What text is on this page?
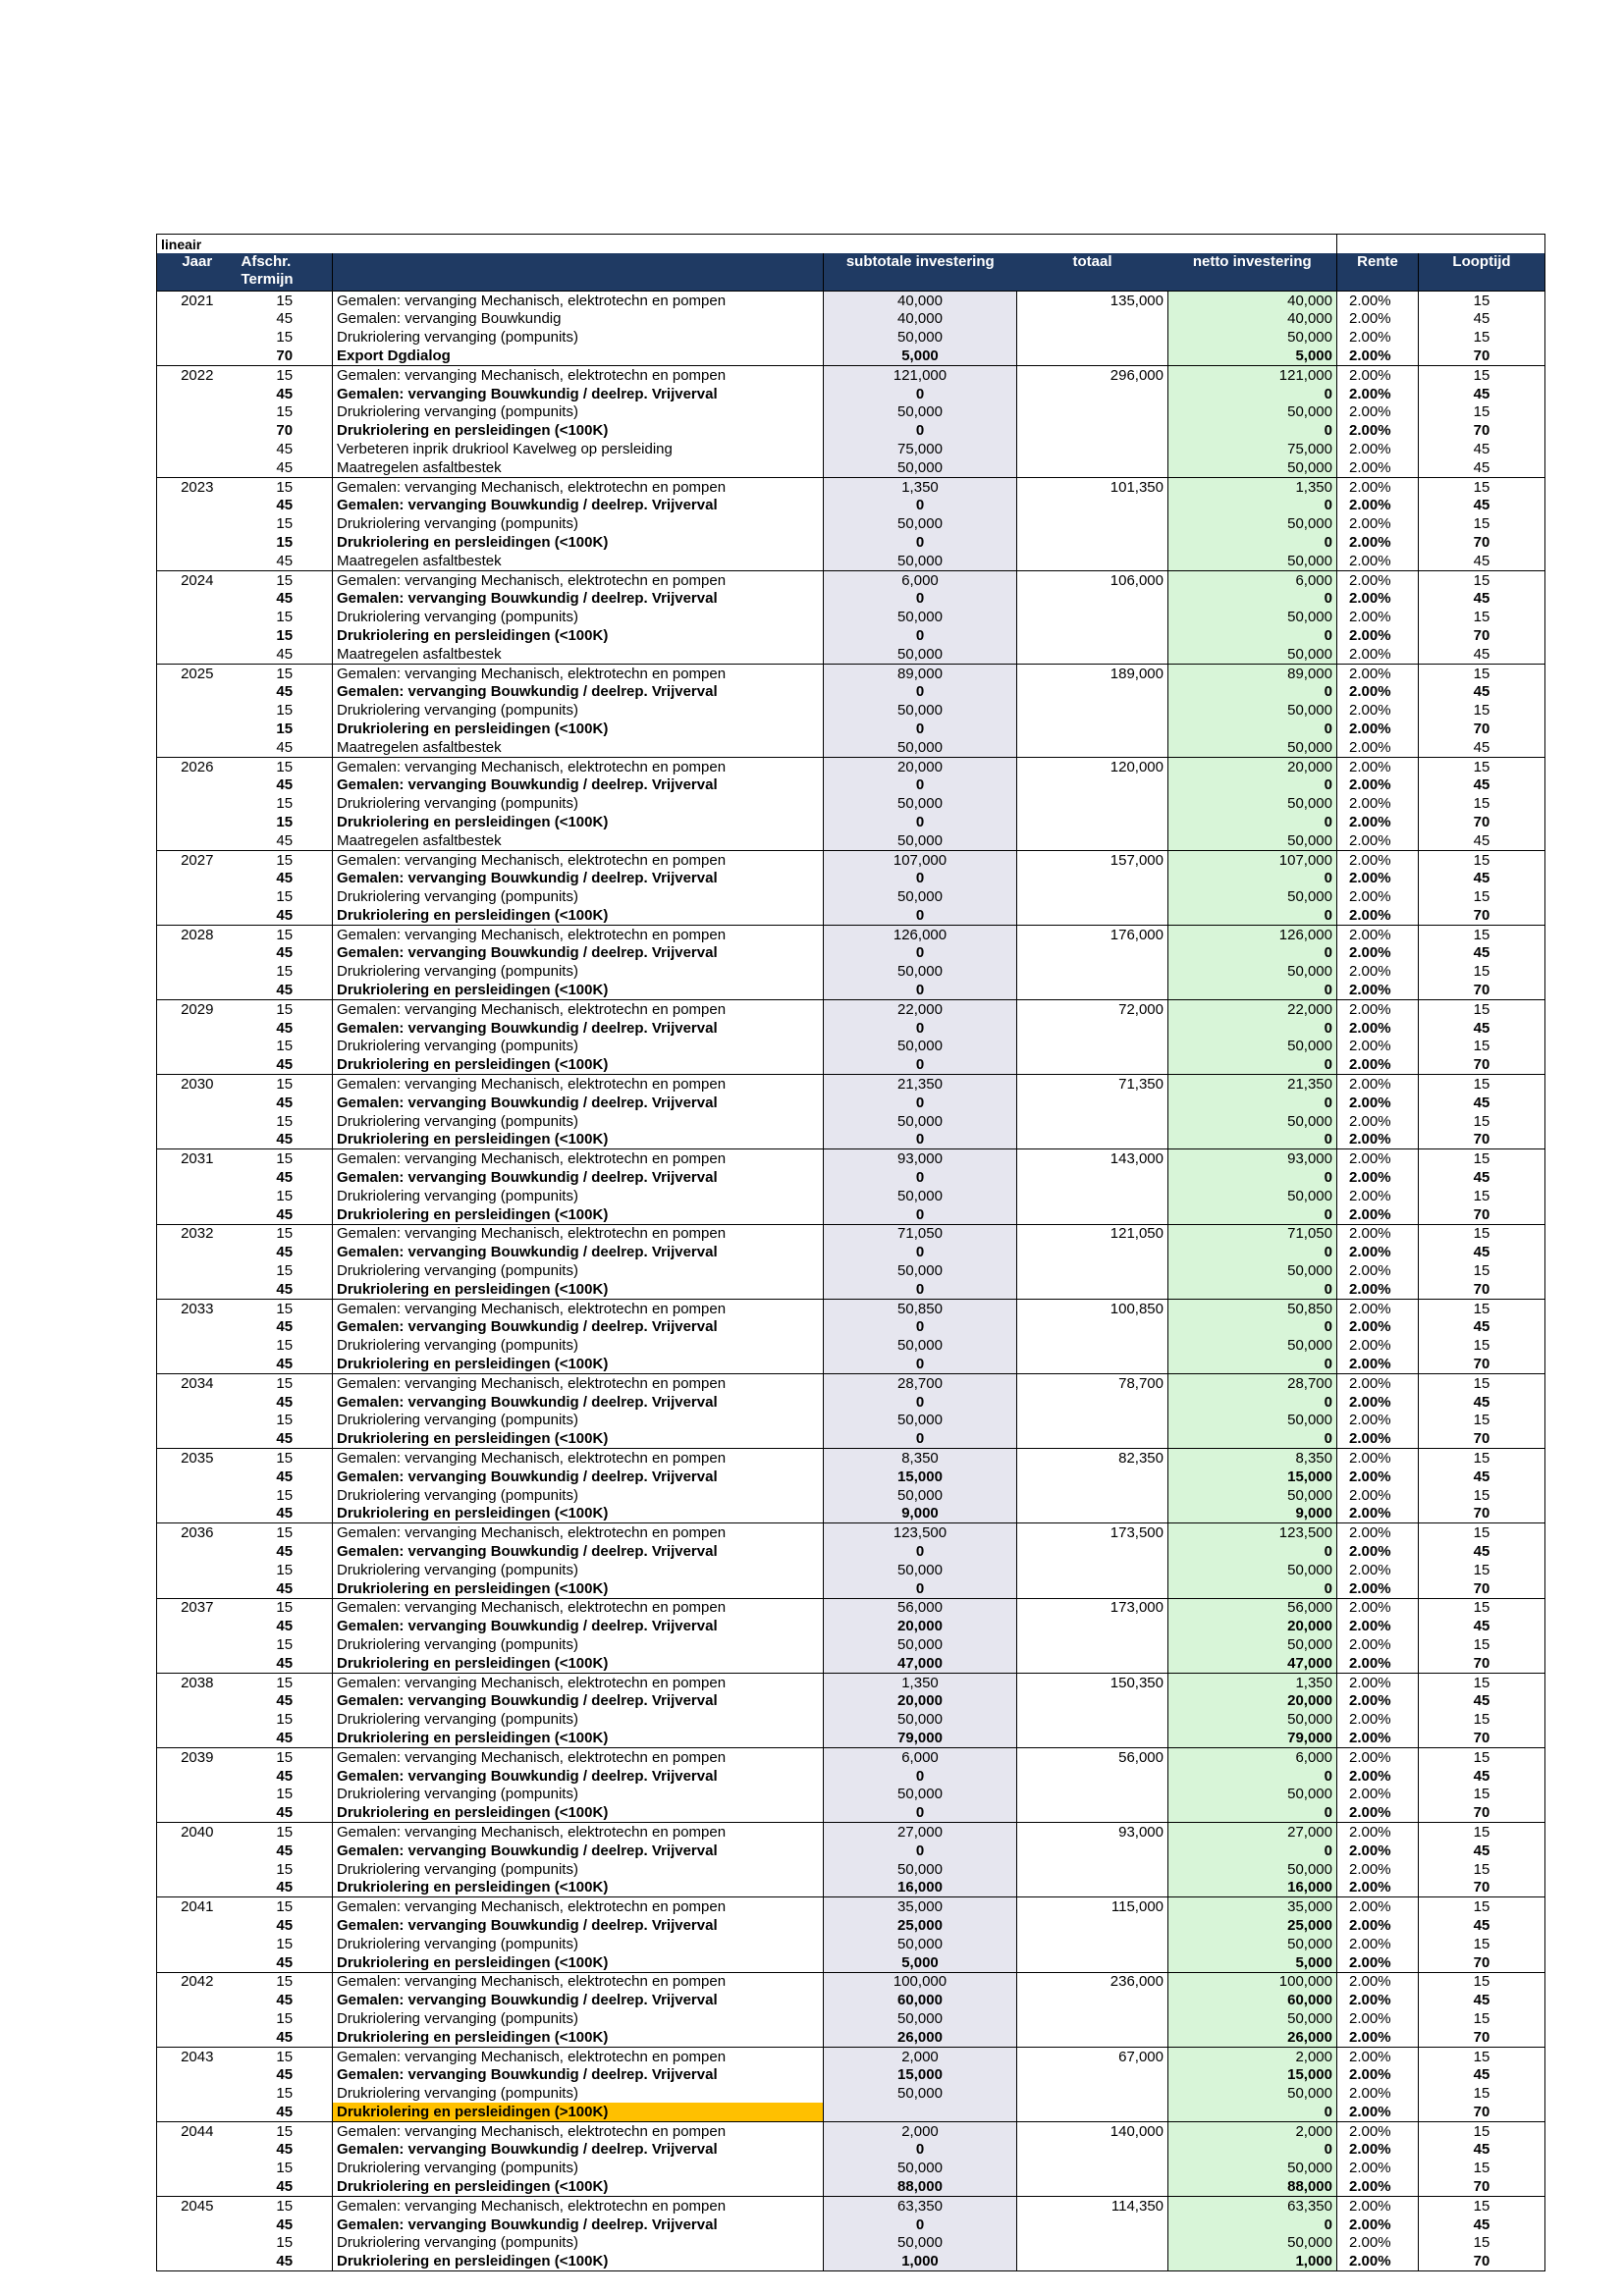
lineair							
Jaar	Afschr.
Termijn		subtotale investering	totaal	netto investering	Rente	Looptijd
2021	15	Gemalen: vervanging Mechanisch, elektrotechn en pompen	40,000	135,000	40,000	2.00%	15
	45	Gemalen: vervanging Bouwkundig	40,000		40,000	2.00%	45
	15	Drukriolering vervanging (pompunits)	50,000		50,000	2.00%	15
	70	Export Dgdialog	5,000		5,000	2.00%	70
2022	15	Gemalen: vervanging Mechanisch, elektrotechn en pompen	121,000	296,000	121,000	2.00%	15
	45	Gemalen: vervanging Bouwkundig / deelrep. Vrijverval	0		0	2.00%	45
	15	Drukriolering vervanging (pompunits)	50,000		50,000	2.00%	15
	70	Drukriolering en persleidingen (<100K)	0		0	2.00%	70
	45	Verbeteren inprik drukriool Kavelweg op persleiding	75,000		75,000	2.00%	45
	45	Maatregelen asfaltbestek	50,000		50,000	2.00%	45
2023	15	Gemalen: vervanging Mechanisch, elektrotechn en pompen	1,350	101,350	1,350	2.00%	15
	45	Gemalen: vervanging Bouwkundig / deelrep. Vrijverval	0		0	2.00%	45
	15	Drukriolering vervanging (pompunits)	50,000		50,000	2.00%	15
	15	Drukriolering en persleidingen (<100K)	0		0	2.00%	70
	45	Maatregelen asfaltbestek	50,000		50,000	2.00%	45
2024	15	Gemalen: vervanging Mechanisch, elektrotechn en pompen	6,000	106,000	6,000	2.00%	15
	45	Gemalen: vervanging Bouwkundig / deelrep. Vrijverval	0		0	2.00%	45
	15	Drukriolering vervanging (pompunits)	50,000		50,000	2.00%	15
	15	Drukriolering en persleidingen (<100K)	0		0	2.00%	70
	45	Maatregelen asfaltbestek	50,000		50,000	2.00%	45
2025	15	Gemalen: vervanging Mechanisch, elektrotechn en pompen	89,000	189,000	89,000	2.00%	15
	45	Gemalen: vervanging Bouwkundig / deelrep. Vrijverval	0		0	2.00%	45
	15	Drukriolering vervanging (pompunits)	50,000		50,000	2.00%	15
	15	Drukriolering en persleidingen (<100K)	0		0	2.00%	70
	45	Maatregelen asfaltbestek	50,000		50,000	2.00%	45
2026	15	Gemalen: vervanging Mechanisch, elektrotechn en pompen	20,000	120,000	20,000	2.00%	15
	45	Gemalen: vervanging Bouwkundig / deelrep. Vrijverval	0		0	2.00%	45
	15	Drukriolering vervanging (pompunits)	50,000		50,000	2.00%	15
	15	Drukriolering en persleidingen (<100K)	0		0	2.00%	70
	45	Maatregelen asfaltbestek	50,000		50,000	2.00%	45
2027	15	Gemalen: vervanging Mechanisch, elektrotechn en pompen	107,000	157,000	107,000	2.00%	15
	45	Gemalen: vervanging Bouwkundig / deelrep. Vrijverval	0		0	2.00%	45
	15	Drukriolering vervanging (pompunits)	50,000		50,000	2.00%	15
	45	Drukriolering en persleidingen (<100K)	0		0	2.00%	70
2028	15	Gemalen: vervanging Mechanisch, elektrotechn en pompen	126,000	176,000	126,000	2.00%	15
	45	Gemalen: vervanging Bouwkundig / deelrep. Vrijverval	0		0	2.00%	45
	15	Drukriolering vervanging (pompunits)	50,000		50,000	2.00%	15
	45	Drukriolering en persleidingen (<100K)	0		0	2.00%	70
2029	15	Gemalen: vervanging Mechanisch, elektrotechn en pompen	22,000	72,000	22,000	2.00%	15
	45	Gemalen: vervanging Bouwkundig / deelrep. Vrijverval	0		0	2.00%	45
	15	Drukriolering vervanging (pompunits)	50,000		50,000	2.00%	15
	45	Drukriolering en persleidingen (<100K)	0		0	2.00%	70
2030	15	Gemalen: vervanging Mechanisch, elektrotechn en pompen	21,350	71,350	21,350	2.00%	15
	45	Gemalen: vervanging Bouwkundig / deelrep. Vrijverval	0		0	2.00%	45
	15	Drukriolering vervanging (pompunits)	50,000		50,000	2.00%	15
	45	Drukriolering en persleidingen (<100K)	0		0	2.00%	70
2031	15	Gemalen: vervanging Mechanisch, elektrotechn en pompen	93,000	143,000	93,000	2.00%	15
	45	Gemalen: vervanging Bouwkundig / deelrep. Vrijverval	0		0	2.00%	45
	15	Drukriolering vervanging (pompunits)	50,000		50,000	2.00%	15
	45	Drukriolering en persleidingen (<100K)	0		0	2.00%	70
2032	15	Gemalen: vervanging Mechanisch, elektrotechn en pompen	71,050	121,050	71,050	2.00%	15
	45	Gemalen: vervanging Bouwkundig / deelrep. Vrijverval	0		0	2.00%	45
	15	Drukriolering vervanging (pompunits)	50,000		50,000	2.00%	15
	45	Drukriolering en persleidingen (<100K)	0		0	2.00%	70
2033	15	Gemalen: vervanging Mechanisch, elektrotechn en pompen	50,850	100,850	50,850	2.00%	15
	45	Gemalen: vervanging Bouwkundig / deelrep. Vrijverval	0		0	2.00%	45
	15	Drukriolering vervanging (pompunits)	50,000		50,000	2.00%	15
	45	Drukriolering en persleidingen (<100K)	0		0	2.00%	70
2034	15	Gemalen: vervanging Mechanisch, elektrotechn en pompen	28,700	78,700	28,700	2.00%	15
	45	Gemalen: vervanging Bouwkundig / deelrep. Vrijverval	0		0	2.00%	45
	15	Drukriolering vervanging (pompunits)	50,000		50,000	2.00%	15
	45	Drukriolering en persleidingen (<100K)	0		0	2.00%	70
2035	15	Gemalen: vervanging Mechanisch, elektrotechn en pompen	8,350	82,350	8,350	2.00%	15
	45	Gemalen: vervanging Bouwkundig / deelrep. Vrijverval	15,000		15,000	2.00%	45
	15	Drukriolering vervanging (pompunits)	50,000		50,000	2.00%	15
	45	Drukriolering en persleidingen (<100K)	9,000		9,000	2.00%	70
2036	15	Gemalen: vervanging Mechanisch, elektrotechn en pompen	123,500	173,500	123,500	2.00%	15
	45	Gemalen: vervanging Bouwkundig / deelrep. Vrijverval	0		0	2.00%	45
	15	Drukriolering vervanging (pompunits)	50,000		50,000	2.00%	15
	45	Drukriolering en persleidingen (<100K)	0		0	2.00%	70
2037	15	Gemalen: vervanging Mechanisch, elektrotechn en pompen	56,000	173,000	56,000	2.00%	15
	45	Gemalen: vervanging Bouwkundig / deelrep. Vrijverval	20,000		20,000	2.00%	45
	15	Drukriolering vervanging (pompunits)	50,000		50,000	2.00%	15
	45	Drukriolering en persleidingen (<100K)	47,000		47,000	2.00%	70
2038	15	Gemalen: vervanging Mechanisch, elektrotechn en pompen	1,350	150,350	1,350	2.00%	15
	45	Gemalen: vervanging Bouwkundig / deelrep. Vrijverval	20,000		20,000	2.00%	45
	15	Drukriolering vervanging (pompunits)	50,000		50,000	2.00%	15
	45	Drukriolering en persleidingen (<100K)	79,000		79,000	2.00%	70
2039	15	Gemalen: vervanging Mechanisch, elektrotechn en pompen	6,000	56,000	6,000	2.00%	15
	45	Gemalen: vervanging Bouwkundig / deelrep. Vrijverval	0		0	2.00%	45
	15	Drukriolering vervanging (pompunits)	50,000		50,000	2.00%	15
	45	Drukriolering en persleidingen (<100K)	0		0	2.00%	70
2040	15	Gemalen: vervanging Mechanisch, elektrotechn en pompen	27,000	93,000	27,000	2.00%	15
	45	Gemalen: vervanging Bouwkundig / deelrep. Vrijverval	0		0	2.00%	45
	15	Drukriolering vervanging (pompunits)	50,000		50,000	2.00%	15
	45	Drukriolering en persleidingen (<100K)	16,000		16,000	2.00%	70
2041	15	Gemalen: vervanging Mechanisch, elektrotechn en pompen	35,000	115,000	35,000	2.00%	15
	45	Gemalen: vervanging Bouwkundig / deelrep. Vrijverval	25,000		25,000	2.00%	45
	15	Drukriolering vervanging (pompunits)	50,000		50,000	2.00%	15
	45	Drukriolering en persleidingen (<100K)	5,000		5,000	2.00%	70
2042	15	Gemalen: vervanging Mechanisch, elektrotechn en pompen	100,000	236,000	100,000	2.00%	15
	45	Gemalen: vervanging Bouwkundig / deelrep. Vrijverval	60,000		60,000	2.00%	45
	15	Drukriolering vervanging (pompunits)	50,000		50,000	2.00%	15
	45	Drukriolering en persleidingen (<100K)	26,000		26,000	2.00%	70
2043	15	Gemalen: vervanging Mechanisch, elektrotechn en pompen	2,000	67,000	2,000	2.00%	15
	45	Gemalen: vervanging Bouwkundig / deelrep. Vrijverval	15,000		15,000	2.00%	45
	15	Drukriolering vervanging (pompunits)	50,000		50,000	2.00%	15
	45	Drukriolering en persleidingen (>100K)			0	2.00%	70
2044	15	Gemalen: vervanging Mechanisch, elektrotechn en pompen	2,000	140,000	2,000	2.00%	15
	45	Gemalen: vervanging Bouwkundig / deelrep. Vrijverval	0		0	2.00%	45
	15	Drukriolering vervanging (pompunits)	50,000		50,000	2.00%	15
	45	Drukriolering en persleidingen (<100K)	88,000		88,000	2.00%	70
2045	15	Gemalen: vervanging Mechanisch, elektrotechn en pompen	63,350	114,350	63,350	2.00%	15
	45	Gemalen: vervanging Bouwkundig / deelrep. Vrijverval	0		0	2.00%	45
	15	Drukriolering vervanging (pompunits)	50,000		50,000	2.00%	15
	45	Drukriolering en persleidingen (<100K)	1,000		1,000	2.00%	70
